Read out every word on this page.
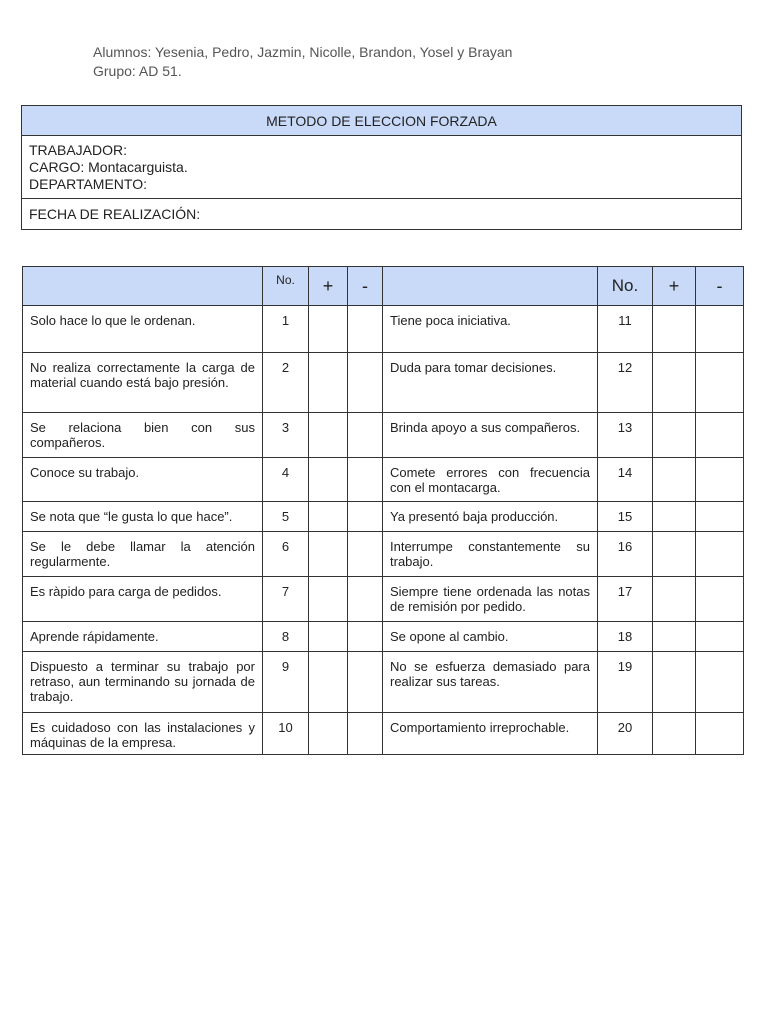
Alumnos: Yesenia, Pedro, Jazmin, Nicolle, Brandon, Yosel y Brayan
Grupo: AD 51.
METODO DE ELECCION FORZADA

TRABAJADOR:
CARGO: Montacarguista.
DEPARTAMENTO:

FECHA DE REALIZACIÓN:
	No.	+	-		No.	+	-
Solo hace lo que le ordenan.	1			Tiene poca iniciativa.	11		
No realiza correctamente la carga de material cuando está bajo presión.	2			Duda para tomar decisiones.	12		
Se relaciona bien con sus compañeros.	3			Brinda apoyo a sus compañeros.	13		
Conoce su trabajo.	4			Comete errores con frecuencia con el montacarga.	14		
Se nota que “le gusta lo que hace”.	5			Ya presentó baja producción.	15		
Se le debe llamar la atención regularmente.	6			Interrumpe constantemente su trabajo.	16		
Es ràpido para carga de pedidos.	7			Siempre tiene ordenada las notas de remisión por pedido.	17		
Aprende rápidamente.	8			Se opone al cambio.	18		
Dispuesto a terminar su trabajo por retraso, aun terminando su jornada de trabajo.	9			No se esfuerza demasiado para realizar sus tareas.	19		
Es cuidadoso con las instalaciones y máquinas de la empresa.	10			Comportamiento irreprochable.	20		
